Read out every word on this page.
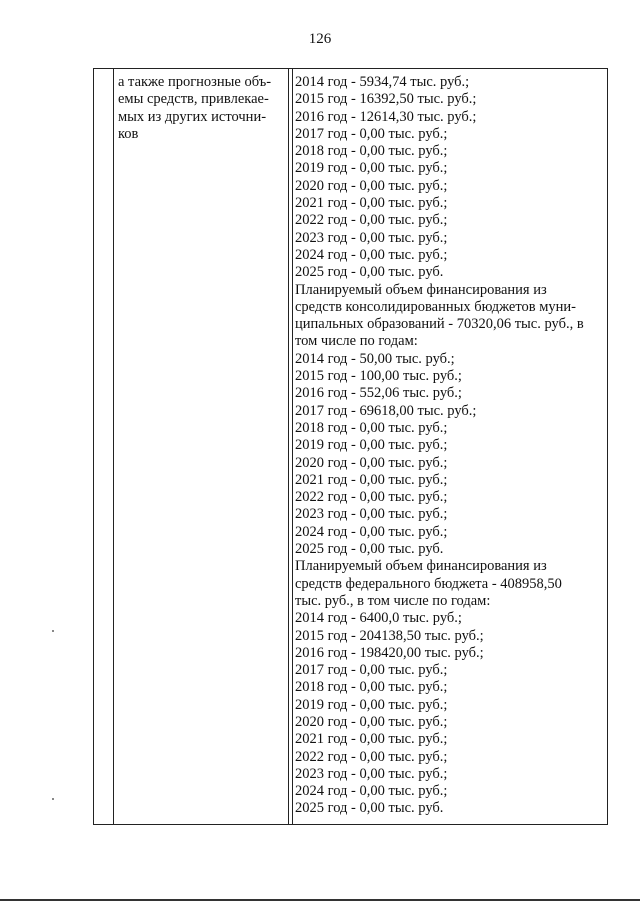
126
а также прогнозные объ-
емы средств, привлекае-
мых из других источни-
ков
2014 год - 5934,74 тыс. руб.;
2015 год - 16392,50 тыс. руб.;
2016 год - 12614,30 тыс. руб.;
2017 год - 0,00 тыс. руб.;
2018 год - 0,00 тыс. руб.;
2019 год - 0,00 тыс. руб.;
2020 год - 0,00 тыс. руб.;
2021 год - 0,00 тыс. руб.;
2022 год - 0,00 тыс. руб.;
2023 год - 0,00 тыс. руб.;
2024 год - 0,00 тыс. руб.;
2025 год - 0,00 тыс. руб.
Планируемый объем финансирования из
средств консолидированных бюджетов муни-
ципальных образований - 70320,06 тыс. руб., в
том числе по годам:
2014 год - 50,00 тыс. руб.;
2015 год - 100,00 тыс. руб.;
2016 год - 552,06 тыс. руб.;
2017 год - 69618,00 тыс. руб.;
2018 год - 0,00 тыс. руб.;
2019 год - 0,00 тыс. руб.;
2020 год - 0,00 тыс. руб.;
2021 год - 0,00 тыс. руб.;
2022 год - 0,00 тыс. руб.;
2023 год - 0,00 тыс. руб.;
2024 год - 0,00 тыс. руб.;
2025 год - 0,00 тыс. руб.
Планируемый объем финансирования из
средств федерального бюджета - 408958,50
тыс. руб., в том числе по годам:
2014 год - 6400,0 тыс. руб.;
2015 год - 204138,50 тыс. руб.;
2016 год - 198420,00 тыс. руб.;
2017 год - 0,00 тыс. руб.;
2018 год - 0,00 тыс. руб.;
2019 год - 0,00 тыс. руб.;
2020 год - 0,00 тыс. руб.;
2021 год - 0,00 тыс. руб.;
2022 год - 0,00 тыс. руб.;
2023 год - 0,00 тыс. руб.;
2024 год - 0,00 тыс. руб.;
2025 год - 0,00 тыс. руб.
